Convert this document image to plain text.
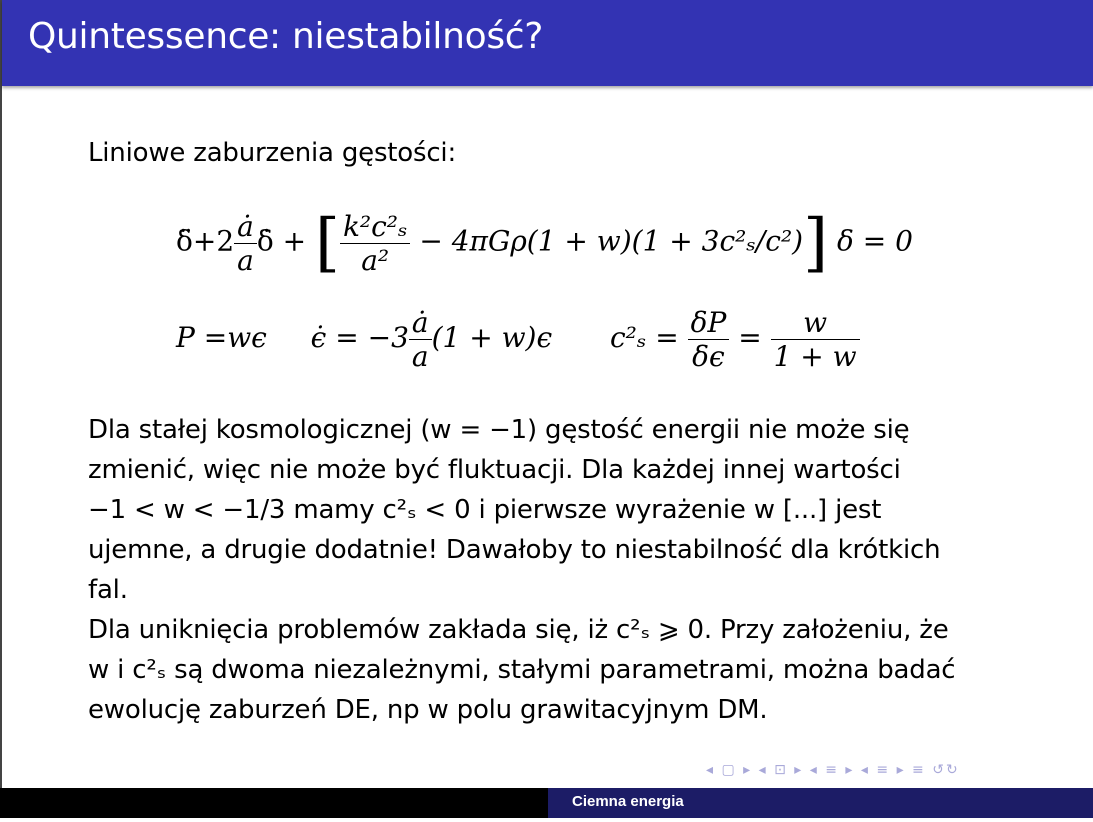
Quintessence: niestabilność?
Liniowe zaburzenia gęstości:
δ̈+2 $\frac{ȧ}{a}$ δ̇ + [ $\frac{\text{k²c²ₛ}}{\text{a²}} - 4\pi G\rho(1 + w)(1 + 3c^2_s/c^2)$] δ = 0
P =wϵ ϵ̇ = $-3 \frac{ȧ}{a} (1 + w)\epsilon$ $c^2_s = \frac{\delta P}{\delta\epsilon} = \frac{w}{1 + w}$
Dla stałej kosmologicznej (w = −1) gęstość energii nie może się
zmienić, więc nie może być fluktuacji. Dla każdej innej wartości
−1 < w < −1/3 mamy c²ₛ < 0 i pierwsze wyrażenie w [...] jest
ujemne, a drugie dodatnie! Dawałoby to niestabilność dla krótkich
fal.
Dla uniknięcia problemów zakłada się, iż c²ₛ ⩾ 0. Przy założeniu, że
w i c²ₛ są dwoma niezależnymi, stałymi parametrami, można badać
ewolucję zaburzeń DE, np w polu grawitacyjnym DM.
◂ ▢ ▸ ◂ ⊡ ▸ ◂ ≡ ▸ ◂ ≡ ▸ ≡ ↺↻
Ciemna energia
